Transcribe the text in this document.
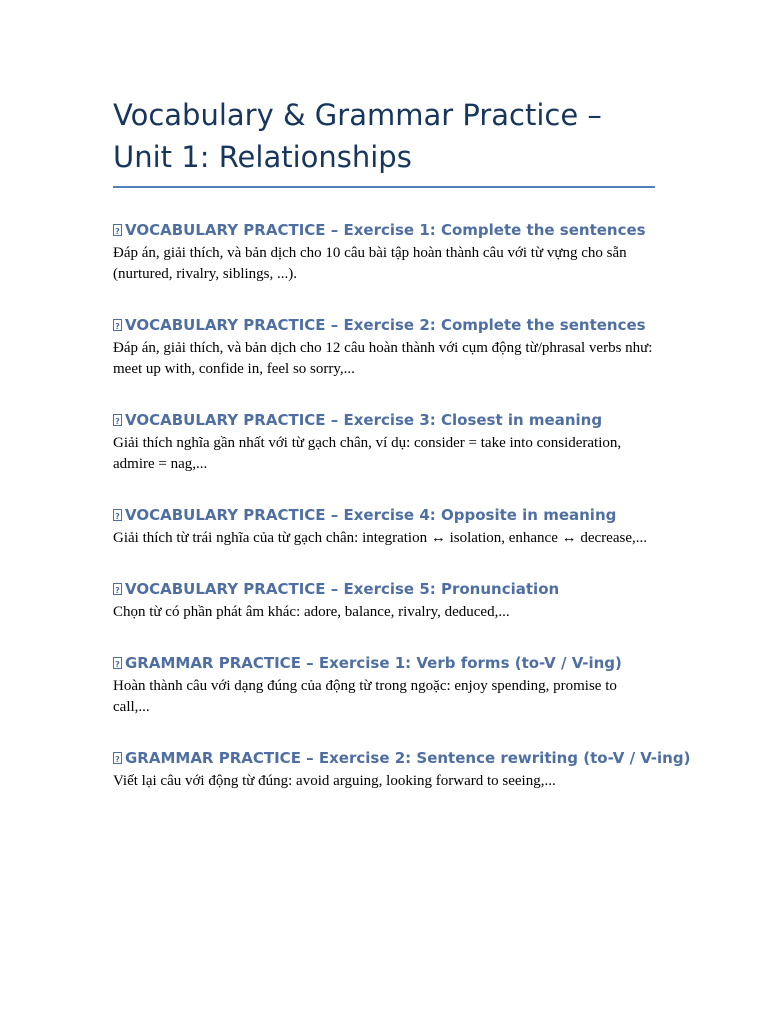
Vocabulary & Grammar Practice – Unit 1: Relationships
?VOCABULARY PRACTICE – Exercise 1: Complete the sentences

Đáp án, giải thích, và bản dịch cho 10 câu bài tập hoàn thành câu với từ vựng cho sẵn (nurtured, rivalry, siblings, ...).

?VOCABULARY PRACTICE – Exercise 2: Complete the sentences

Đáp án, giải thích, và bản dịch cho 12 câu hoàn thành với cụm động từ/phrasal verbs như: meet up with, confide in, feel so sorry,...

?VOCABULARY PRACTICE – Exercise 3: Closest in meaning

Giải thích nghĩa gần nhất với từ gạch chân, ví dụ: consider = take into consideration, admire = nag,...

?VOCABULARY PRACTICE – Exercise 4: Opposite in meaning

Giải thích từ trái nghĩa của từ gạch chân: integration ↔ isolation, enhance ↔ decrease,...

?VOCABULARY PRACTICE – Exercise 5: Pronunciation

Chọn từ có phần phát âm khác: adore, balance, rivalry, deduced,...

?GRAMMAR PRACTICE – Exercise 1: Verb forms (to-V / V-ing)

Hoàn thành câu với dạng đúng của động từ trong ngoặc: enjoy spending, promise to call,...

?GRAMMAR PRACTICE – Exercise 2: Sentence rewriting (to-V / V-ing)

Viết lại câu với động từ đúng: avoid arguing, looking forward to seeing,...
